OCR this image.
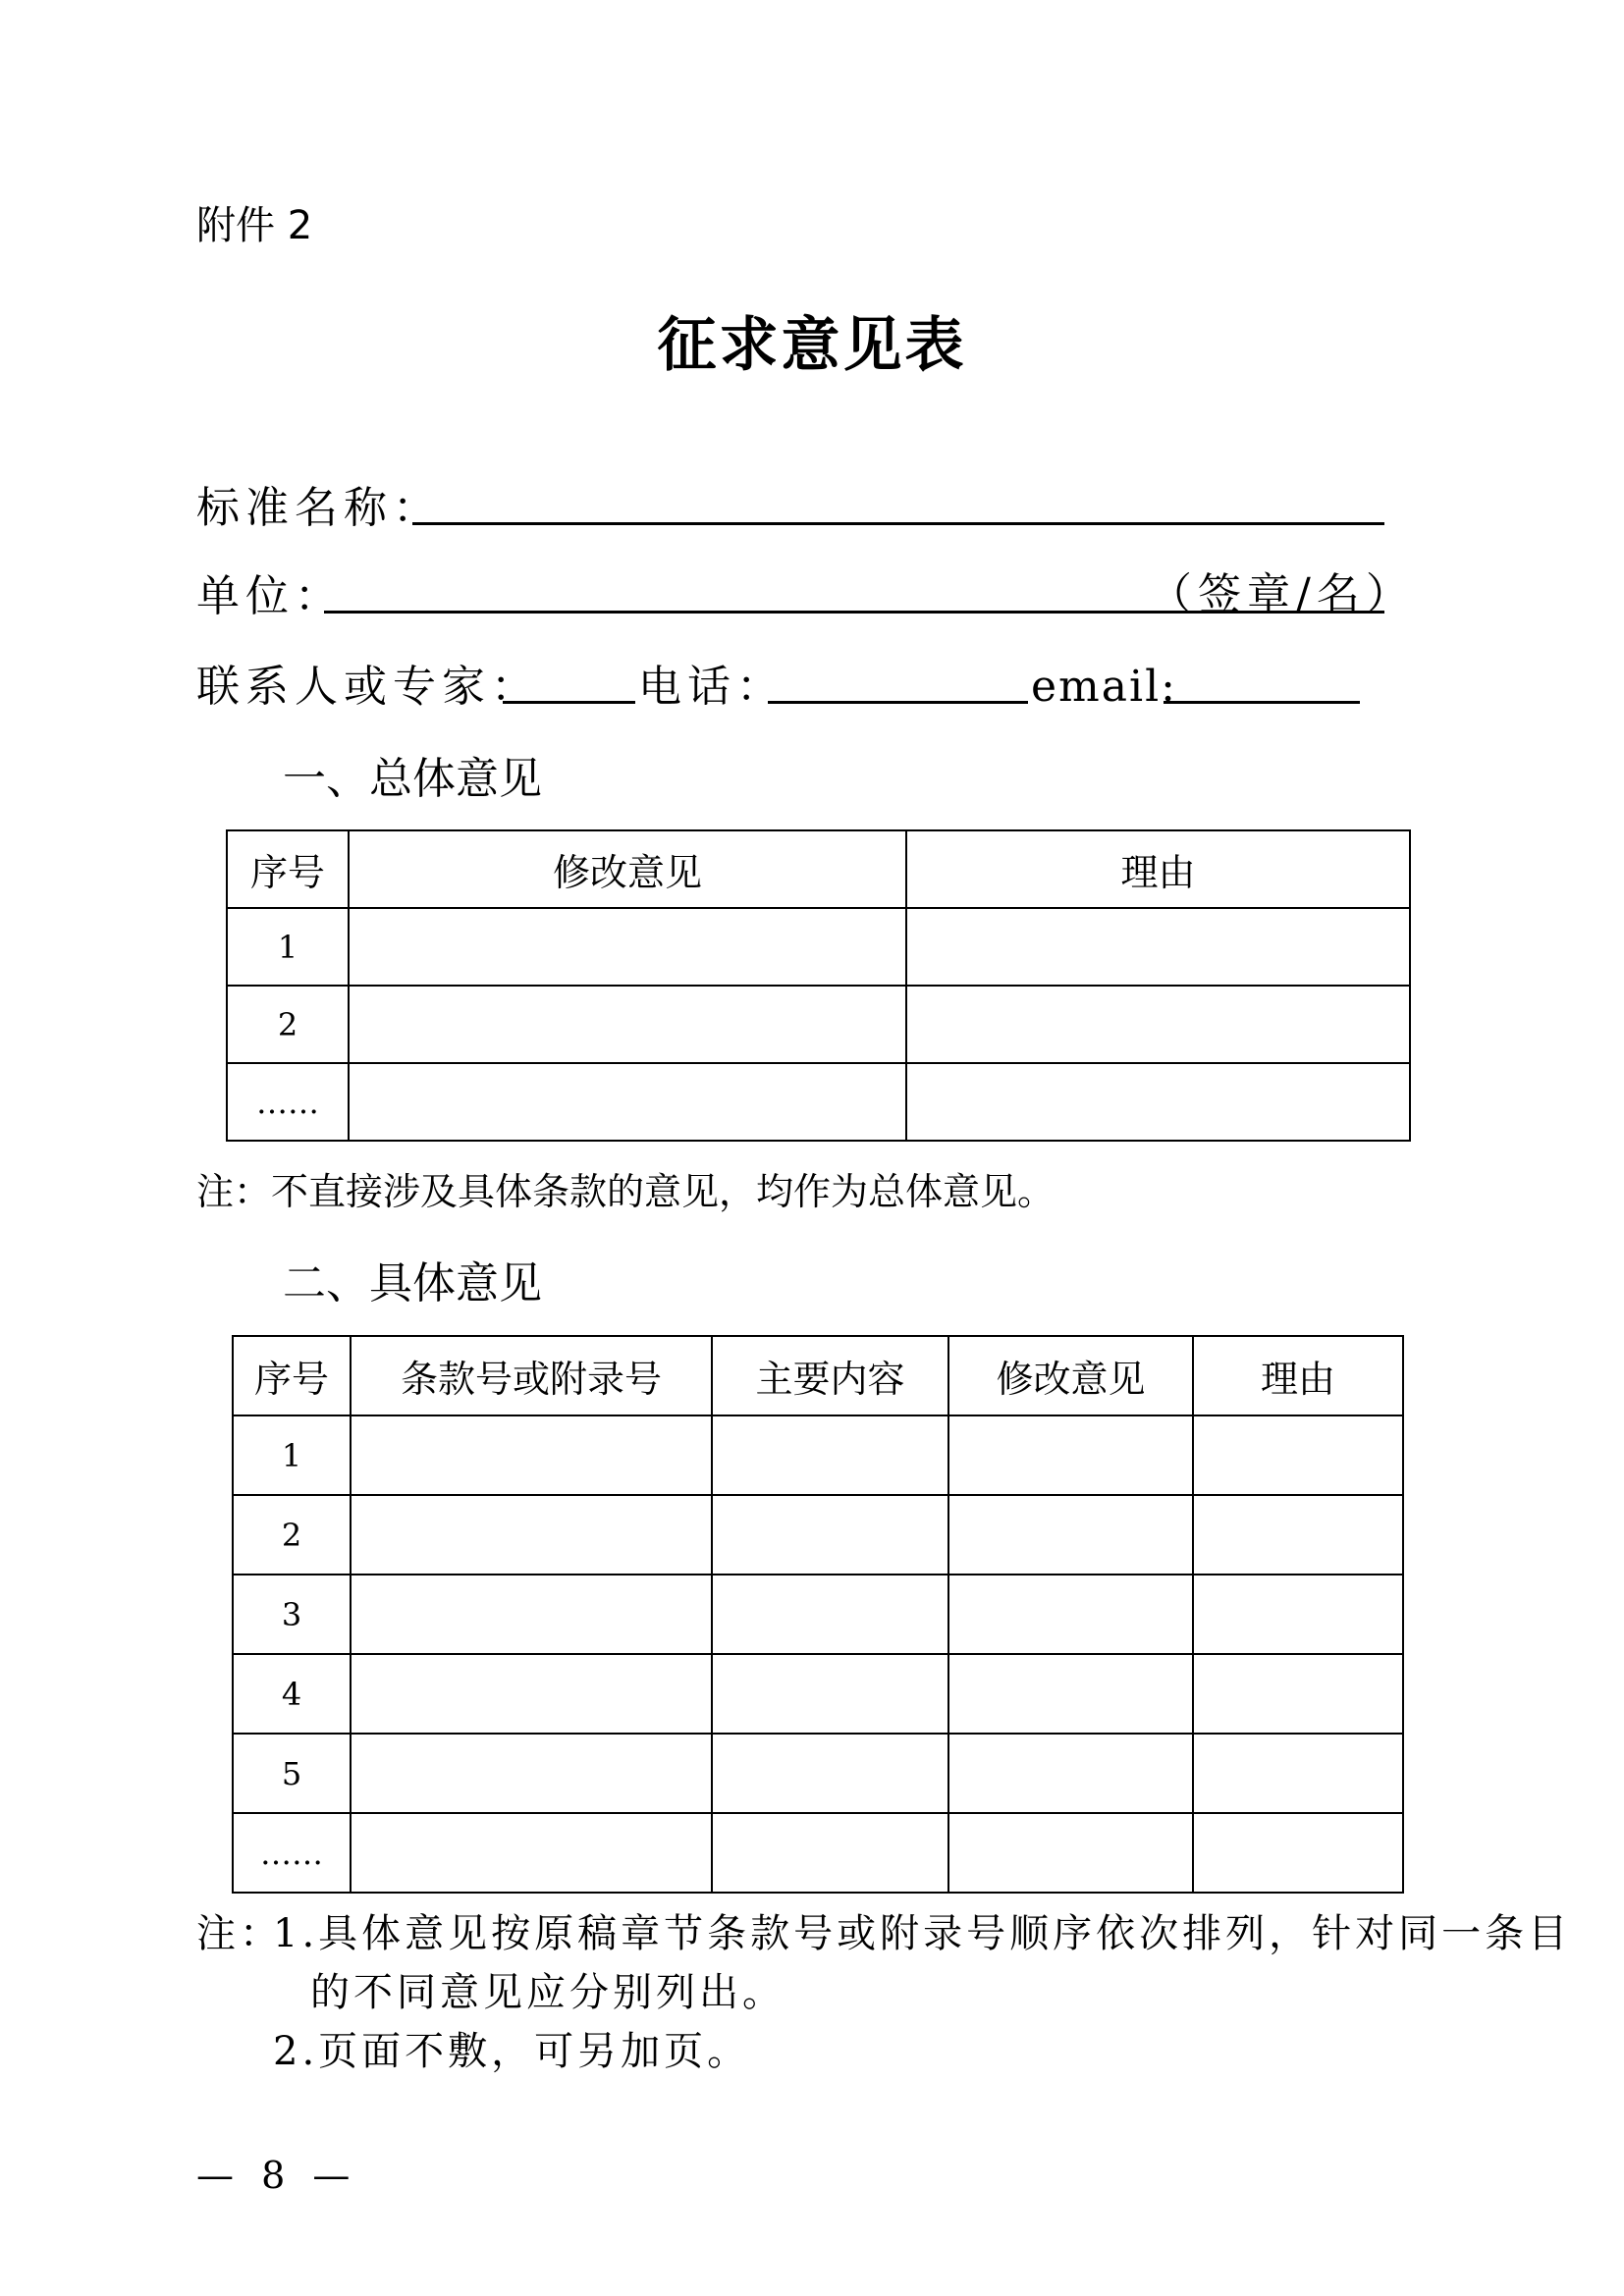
附件 2
征求意见表
标准名称：
单位：	（签章/名）
联系人或专家： 电话：	email:
一、总体意见
序号	修改意见	理由
1		
2		
……		
注：不直接涉及具体条款的意见，均作为总体意见。
二、具体意见
序号	条款号或附录号	主要内容	修改意见	理由
1				
2				
3				
4				
5				
……				
注：
1.具体意见按原稿章节条款号或附录号顺序依次排列，针对同一条目
的不同意见应分别列出。
2.页面不敷，可另加页。
— 8 —
